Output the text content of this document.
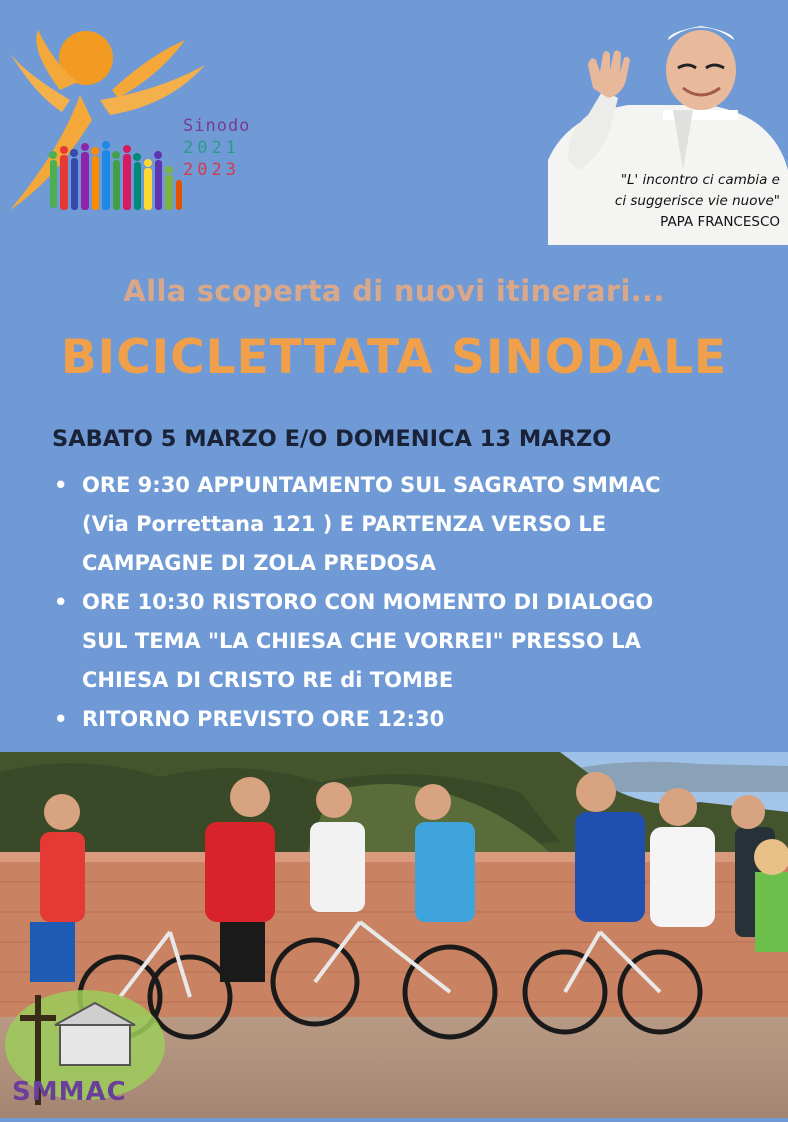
Sinodo
2021
2023	"L' incontro ci cambia e
ci suggerisce vie nuove"
PAPA FRANCESCO
Alla scoperta di nuovi itinerari...
BICICLETTATA SINODALE
SABATO 5 MARZO E/O DOMENICA 13 MARZO
• ORE 9:30 APPUNTAMENTO SUL SAGRATO SMMAC
(Via Porrettana 121 ) E PARTENZA VERSO LE
CAMPAGNE DI ZOLA PREDOSA
• ORE 10:30 RISTORO CON MOMENTO DI DIALOGO
SUL TEMA "LA CHIESA CHE VORREI" PRESSO LA
CHIESA DI CRISTO RE di TOMBE
• RITORNO PREVISTO ORE 12:30
SMMAC
